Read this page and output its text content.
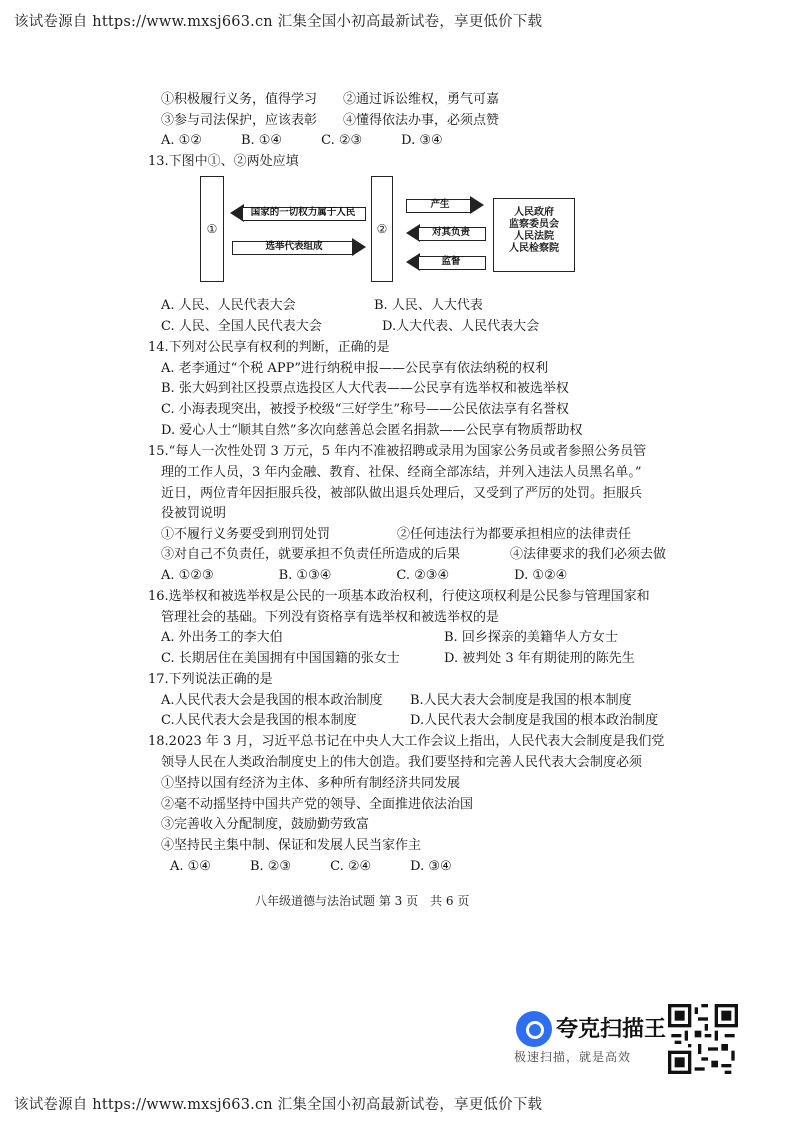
该试卷源自 https://www.mxsj663.cn 汇集全国小初高最新试卷，享更低价下载
①积极履行义务，值得学习　　②通过诉讼维权，勇气可嘉
③参与司法保护，应该表彰　　④懂得依法办事，必须点赞
A. ①②　　　B. ①④　　　C. ②③　　　D. ③④
13.下图中①、②两处应填
①	②
国家的一切权力属于人民
选举代表组成
产生
对其负责
监督
人民政府
监察委员会
人民法院
人民检察院
A. 人民、人民代表大会	B. 人民、人大代表
C. 人民、全国人民代表大会	D.人大代表、人民代表大会
14.下列对公民享有权利的判断，正确的是
A. 老李通过“个税 APP”进行纳税申报——公民享有依法纳税的权利
B. 张大妈到社区投票点选投区人大代表——公民享有选举权和被选举权
C. 小海表现突出，被授予校级“三好学生”称号——公民依法享有名誉权
D. 爱心人士“顺其自然”多次向慈善总会匿名捐款——公民享有物质帮助权
15.“每人一次性处罚 3 万元，5 年内不准被招聘或录用为国家公务员或者参照公务员管
理的工作人员，3 年内金融、教育、社保、经商全部冻结，并列入违法人员黑名单。”
近日，两位青年因拒服兵役，被部队做出退兵处理后，又受到了严厉的处罚。拒服兵
役被罚说明
①不履行义务要受到刑罚处罚	②任何违法行为都要承担相应的法律责任
③对自己不负责任，就要承担不负责任所造成的后果	④法律要求的我们必须去做
A. ①②③　　　　　B. ①③④　　　　　C. ②③④　　　　　D. ①②④
16.选举权和被选举权是公民的一项基本政治权利，行使这项权利是公民参与管理国家和
管理社会的基础。下列没有资格享有选举权和被选举权的是
A. 外出务工的李大伯	B. 回乡探亲的美籍华人方女士
C. 长期居住在美国拥有中国国籍的张女士	D. 被判处 3 年有期徒刑的陈先生
17.下列说法正确的是
A.人民代表大会是我国的根本政治制度 B.人民大表大会制度是我国的根本制度
C.人民代表大会是我国的根本制度	D.人民代表大会制度是我国的根本政治制度
18.2023 年 3 月，习近平总书记在中央人大工作会议上指出，人民代表大会制度是我们党
领导人民在人类政治制度史上的伟大创造。我们要坚持和完善人民代表大会制度必须
①坚持以国有经济为主体、多种所有制经济共同发展
②毫不动摇坚持中国共产党的领导、全面推进依法治国
③完善收入分配制度，鼓励勤劳致富
④坚持民主集中制、保证和发展人民当家作主
A. ①④　　　B. ②③　　　C. ②④　　　D. ③④
八年级道德与法治试题 第 3 页　共 6 页
夸克扫描王
极速扫描，就是高效
该试卷源自 https://www.mxsj663.cn 汇集全国小初高最新试卷，享更低价下载
